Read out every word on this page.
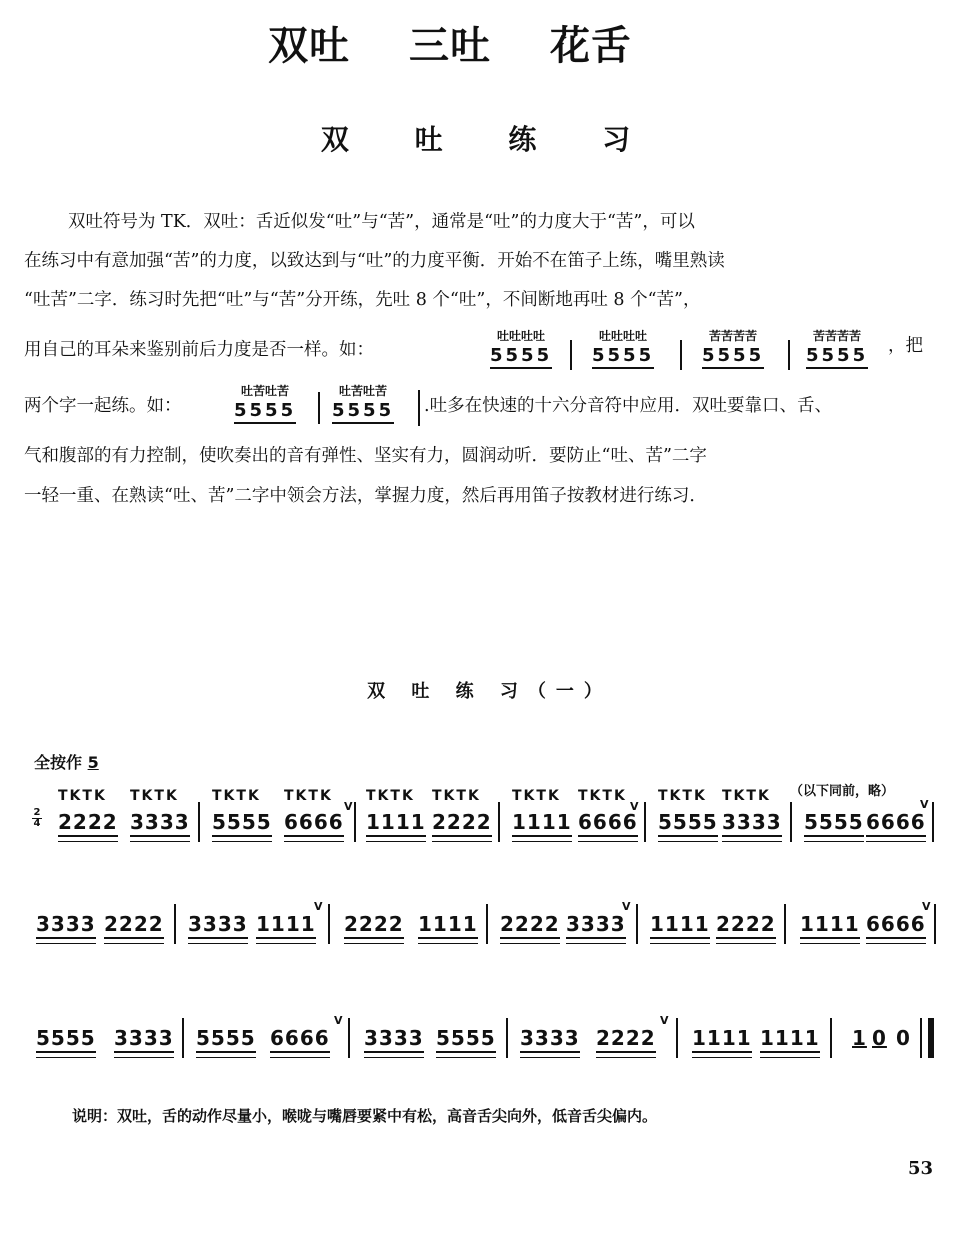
双吐 三吐 花舌
双 吐 练 习
双吐符号为 TK．双吐：舌近似发“吐”与“苦”，通常是“吐”的力度大于“苦”，可以
在练习中有意加强“苦”的力度，以致达到与“吐”的力度平衡．开始不在笛子上练，嘴里熟读
“吐苦”二字．练习时先把“吐”与“苦”分开练，先吐 8 个“吐”，不间断地再吐 8 个“苦”，
用自己的耳朵来鉴别前后力度是否一样。如：
吐吐吐吐
5555
吐吐吐吐
5555
苦苦苦苦
5555
苦苦苦苦
5555 ，把
两个字一起练。如：
吐苦吐苦
5555
吐苦吐苦
5555 .吐多在快速的十六分音符中应用．双吐要靠口、舌、
气和腹部的有力控制，使吹奏出的音有弹性、坚实有力，圆润动听．要防止“吐、苦”二字
一轻一重、在熟读“吐、苦”二字中领会方法，掌握力度，然后再用笛子按教材进行练习．
双 吐 练 习（一）
全按作 5
2
4
TKTK TKTK TKTK TKTK TKTK TKTK TKTK TKTK TKTK TKTK （以下同前，略）
2222 3333 5555 6666
V
1111 2222 1111 6666
V
5555 3333 5555 6666
V
3333 2222 3333 1111
V
2222 1111 2222 3333
V
1111 2222 1111 6666
V
5555 3333 5555 6666
V
3333 5555 3333 2222
V
1111 1111 1 0 0
说明：双吐，舌的动作尽量小，喉咙与嘴唇要紧中有松，高音舌尖向外，低音舌尖偏内。
53
